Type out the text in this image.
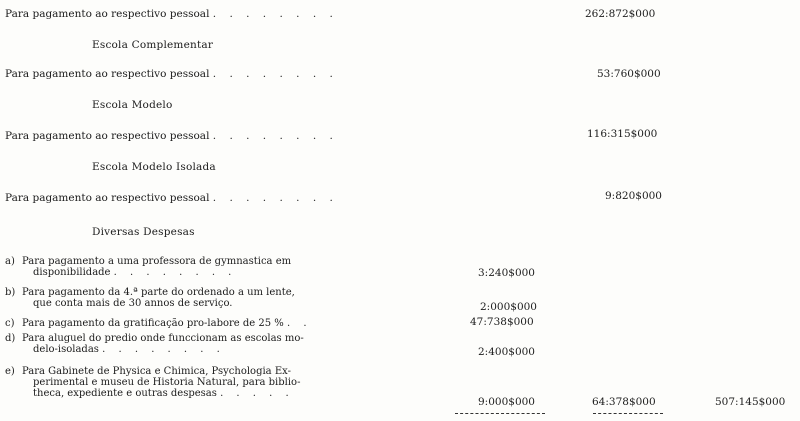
Para pagamento ao respectivo pessoal . . . . . . . .	262:872$000
Escola Complementar
Para pagamento ao respectivo pessoal . . . . . . . .	53:760$000
Escola Modelo
Para pagamento ao respectivo pessoal . . . . . . . .	116:315$000
Escola Modelo Isolada
Para pagamento ao respectivo pessoal . . . . . . . .	9:820$000
Diversas Despesas
a) Para pagamento a uma professora de gymnastica em
disponibilidade . . . . . . . .	3:240$000
b) Para pagamento da 4.ª parte do ordenado a um lente,
que conta mais de 30 annos de serviço.	2:000$000
c) Para pagamento da gratificação pro-labore de 25 % . .	47:738$000
d) Para aluguel do predio onde funccionam as escolas mo-
delo-isoladas . . . . . . . .	2:400$000
e) Para Gabinete de Physica e Chimica, Psychologia Ex-
perimental e museu de Historia Natural, para biblio-
theca, expediente e outras despesas . . . . .
9:000$000	64:378$000	507:145$000
